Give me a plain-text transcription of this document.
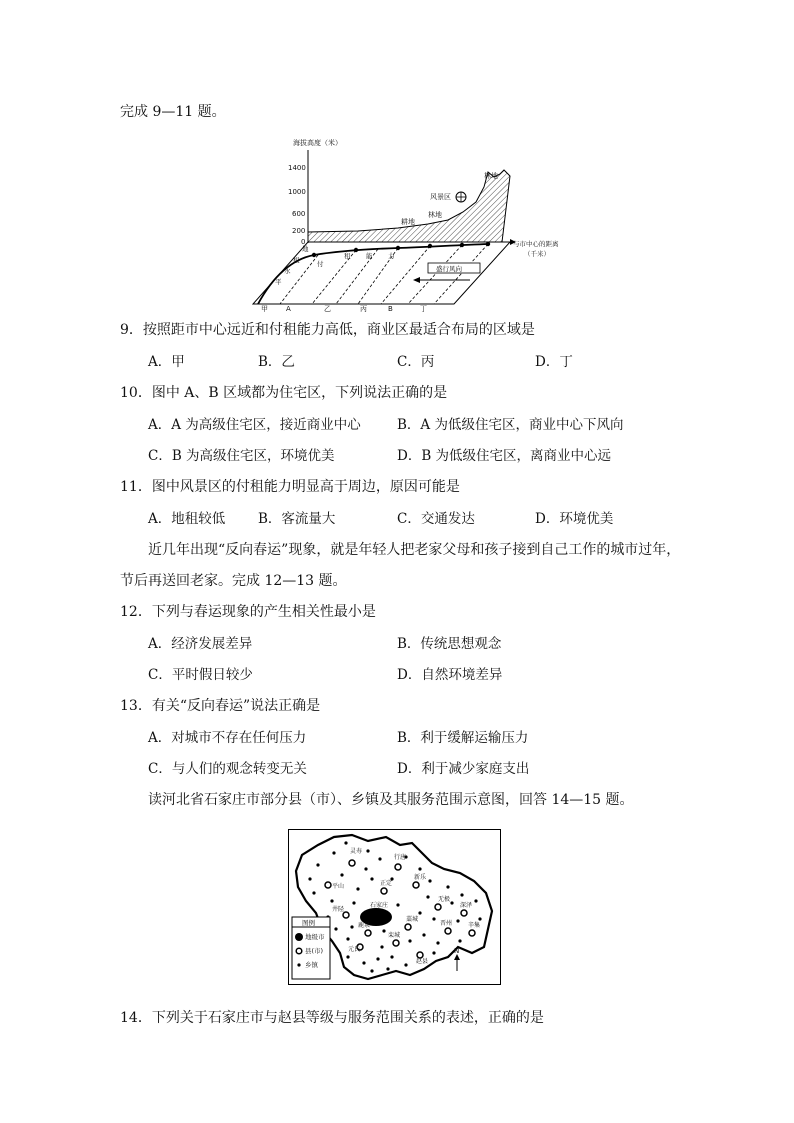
完成 9—11 题。
海拔高度（米）
1400
1000
600
200
0	与市中心的距离
（千米）
林地
风景区
林地
耕地
地
租
水
平
付
租 能 力
盛行风向
甲	A	乙	丙	B	丁
9．按照距市中心远近和付租能力高低，商业区最适合布局的区域是
A．甲	B．乙	C．丙	D．丁
10．图中 A、B 区域都为住宅区，下列说法正确的是
A．A 为高级住宅区，接近商业中心	B．A 为低级住宅区，商业中心下风向
C．B 为高级住宅区，环境优美	D．B 为低级住宅区，离商业中心远
11．图中风景区的付租能力明显高于周边，原因可能是
A．地租较低 B．客流量大	C．交通发达	D．环境优美
近几年出现“反向春运”现象，就是年轻人把老家父母和孩子接到自己工作的城市过年，
节后再送回老家。完成 12—13 题。
12．下列与春运现象的产生相关性最小是
A．经济发展差异	B．传统思想观念
C．平时假日较少	D．自然环境差异
13．有关“反向春运”说法正确是
A．对城市不存在任何压力	B．利于缓解运输压力
C．与人们的观念转变无关	D．利于减少家庭支出
读河北省石家庄市部分县（市）、乡镇及其服务范围示意图，回答 14—15 题。
灵寿
行唐
平山	正定
新乐
石家庄
无极
深泽
井陉
鹿泉
藁城
晋州	辛集
栾城
元氏
赵县
图例
地级市
县(市)
乡镇
N
14．下列关于石家庄市与赵县等级与服务范围关系的表述，正确的是
